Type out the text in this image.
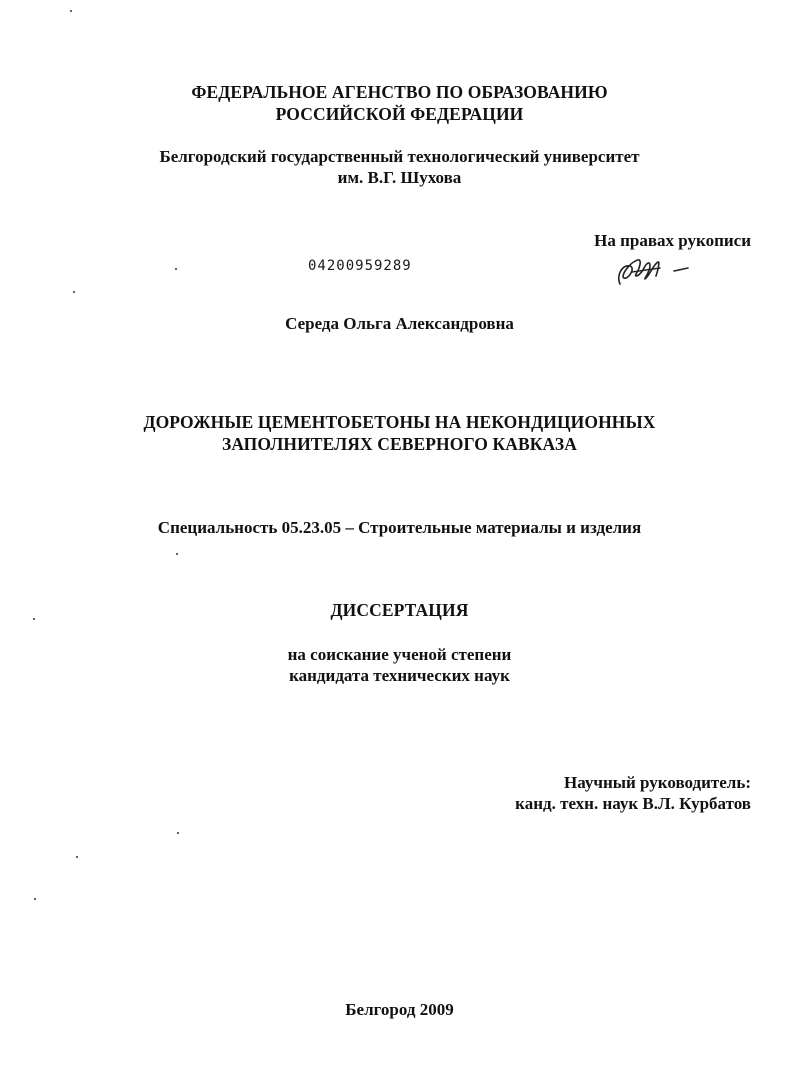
ФЕДЕРАЛЬНОЕ АГЕНСТВО ПО ОБРАЗОВАНИЮ
РОССИЙСКОЙ ФЕДЕРАЦИИ
Белгородский государственный технологический университет
им. В.Г. Шухова
На правах рукописи
04200959289
Середа Ольга Александровна
ДОРОЖНЫЕ ЦЕМЕНТОБЕТОНЫ НА НЕКОНДИЦИОННЫХ
ЗАПОЛНИТЕЛЯХ СЕВЕРНОГО КАВКАЗА
Специальность 05.23.05 – Строительные материалы и изделия
ДИССЕРТАЦИЯ
на соискание ученой степени
кандидата технических наук
Научный руководитель:
канд. техн. наук В.Л. Курбатов
Белгород 2009
